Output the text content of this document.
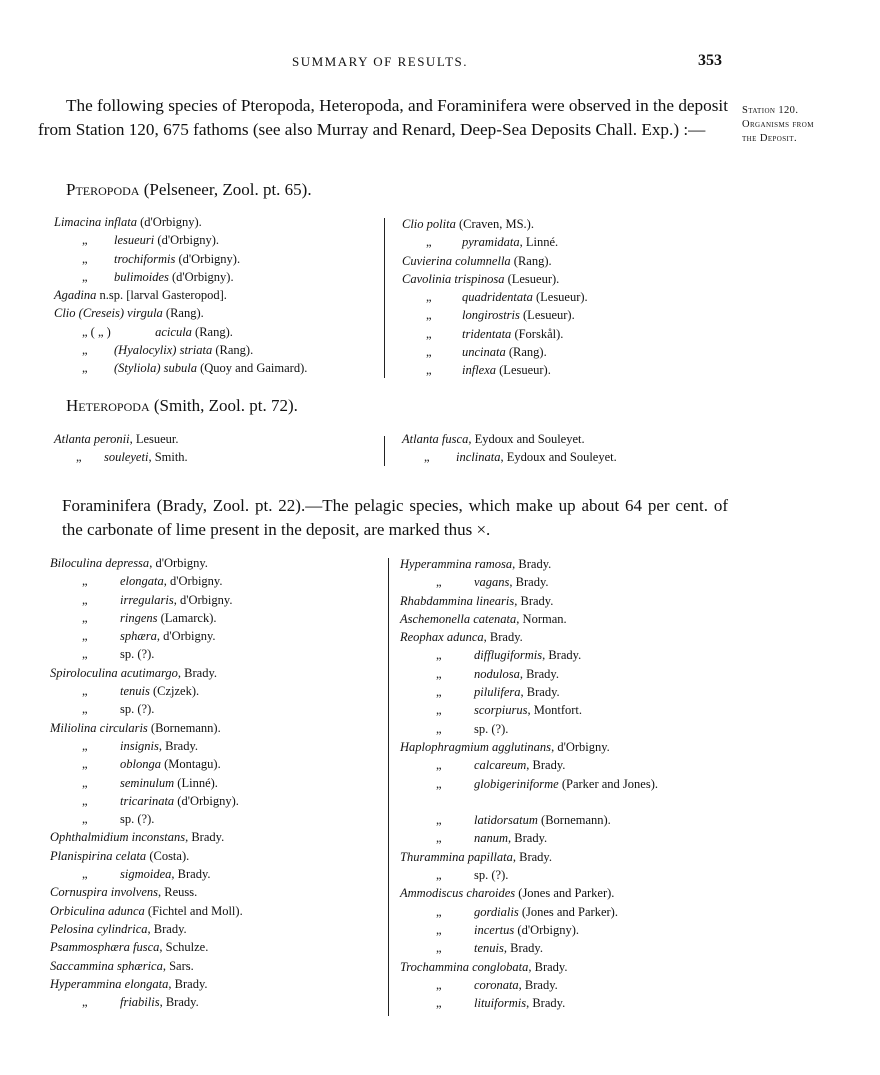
SUMMARY OF RESULTS.	353
The following species of Pteropoda, Heteropoda, and Foraminifera were observed in the deposit from Station 120, 675 fathoms (see also Murray and Renard, Deep-Sea Deposits Chall. Exp.) :—
Station 120.
Organisms from
the Deposit.
Pteropoda (Pelseneer, Zool. pt. 65).
Limacina inflata (d'Orbigny).
„ lesueuri (d'Orbigny).
„ trochiformis (d'Orbigny).
„ bulimoides (d'Orbigny).
Agadina n.sp. [larval Gasteropod].
Clio (Creseis) virgula (Rang).
„ ( „ )	acicula (Rang).
„ (Hyalocylix) striata (Rang).
„ (Styliola) subula (Quoy and Gaimard).
Clio polita (Craven, MS.).
„ pyramidata, Linné.
Cuvierina columnella (Rang).
Cavolinia trispinosa (Lesueur).
„ quadridentata (Lesueur).
„ longirostris (Lesueur).
„ tridentata (Forskål).
„ uncinata (Rang).
„ inflexa (Lesueur).
Heteropoda (Smith, Zool. pt. 72).
Atlanta peronii, Lesueur.
„ souleyeti, Smith.
Atlanta fusca, Eydoux and Souleyet.
„ inclinata, Eydoux and Souleyet.
Foraminifera (Brady, Zool. pt. 22).—The pelagic species, which make up about 64 per cent. of the carbonate of lime present in the deposit, are marked thus ×.
Biloculina depressa, d'Orbigny.
„	elongata, d'Orbigny.
„	irregularis, d'Orbigny.
„	ringens (Lamarck).
„	sphæra, d'Orbigny.
„	sp. (?).
Spiroloculina acutimargo, Brady.
„	tenuis (Czjzek).
„	sp. (?).
Miliolina circularis (Bornemann).
„	insignis, Brady.
„	oblonga (Montagu).
„	seminulum (Linné).
„	tricarinata (d'Orbigny).
„	sp. (?).
Ophthalmidium inconstans, Brady.
Planispirina celata (Costa).
„	sigmoidea, Brady.
Cornuspira involvens, Reuss.
Orbiculina adunca (Fichtel and Moll).
Pelosina cylindrica, Brady.
Psammosphæra fusca, Schulze.
Saccammina sphærica, Sars.
Hyperammina elongata, Brady.
„	friabilis, Brady.
Hyperammina ramosa, Brady.
„	vagans, Brady.
Rhabdammina linearis, Brady.
Aschemonella catenata, Norman.
Reophax adunca, Brady.
„	difflugiformis, Brady.
„	nodulosa, Brady.
„	pilulifera, Brady.
„	scorpiurus, Montfort.
„	sp. (?).
Haplophragmium agglutinans, d'Orbigny.
„	calcareum, Brady.
„	globigeriniforme (Parker and Jones).
„	latidorsatum (Bornemann).
„	nanum, Brady.
Thurammina papillata, Brady.
„	sp. (?).
Ammodiscus charoides (Jones and Parker).
„	gordialis (Jones and Parker).
„	incertus (d'Orbigny).
„	tenuis, Brady.
Trochammina conglobata, Brady.
„	coronata, Brady.
„	lituiformis, Brady.
